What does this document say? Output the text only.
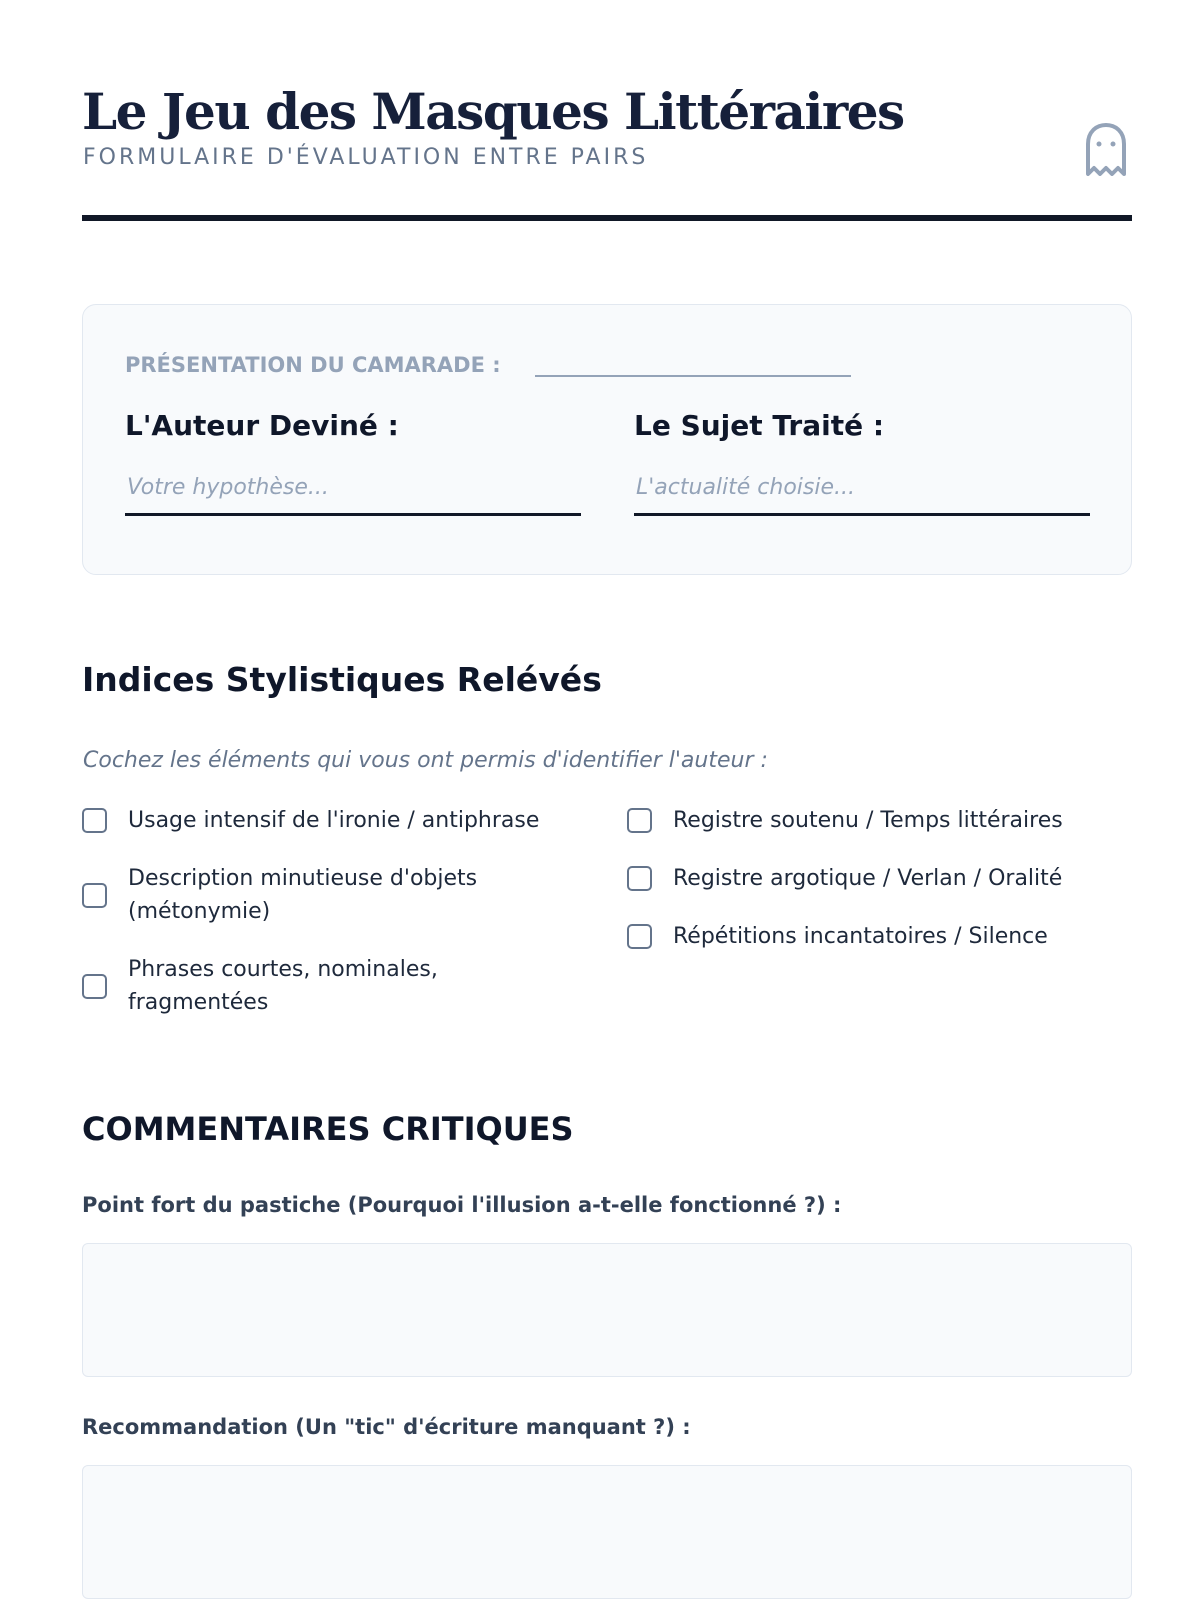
Le Jeu des Masques Littéraires
FORMULAIRE D'ÉVALUATION ENTRE PAIRS
PRÉSENTATION DU CAMARADE :
L'Auteur Deviné :
Votre hypothèse...	Le Sujet Traité :
L'actualité choisie...
Indices Stylistiques Relévés
Cochez les éléments qui vous ont permis d'identifier l'auteur :
Usage intensif de l'ironie / antiphrase
Description minutieuse d'objets (métonymie)
Phrases courtes, nominales, fragmentées
Registre soutenu / Temps littéraires
Registre argotique / Verlan / Oralité
Répétitions incantatoires / Silence
COMMENTAIRES CRITIQUES
Point fort du pastiche (Pourquoi l'illusion a-t-elle fonctionné ?) :
Recommandation (Un "tic" d'écriture manquant ?) :
